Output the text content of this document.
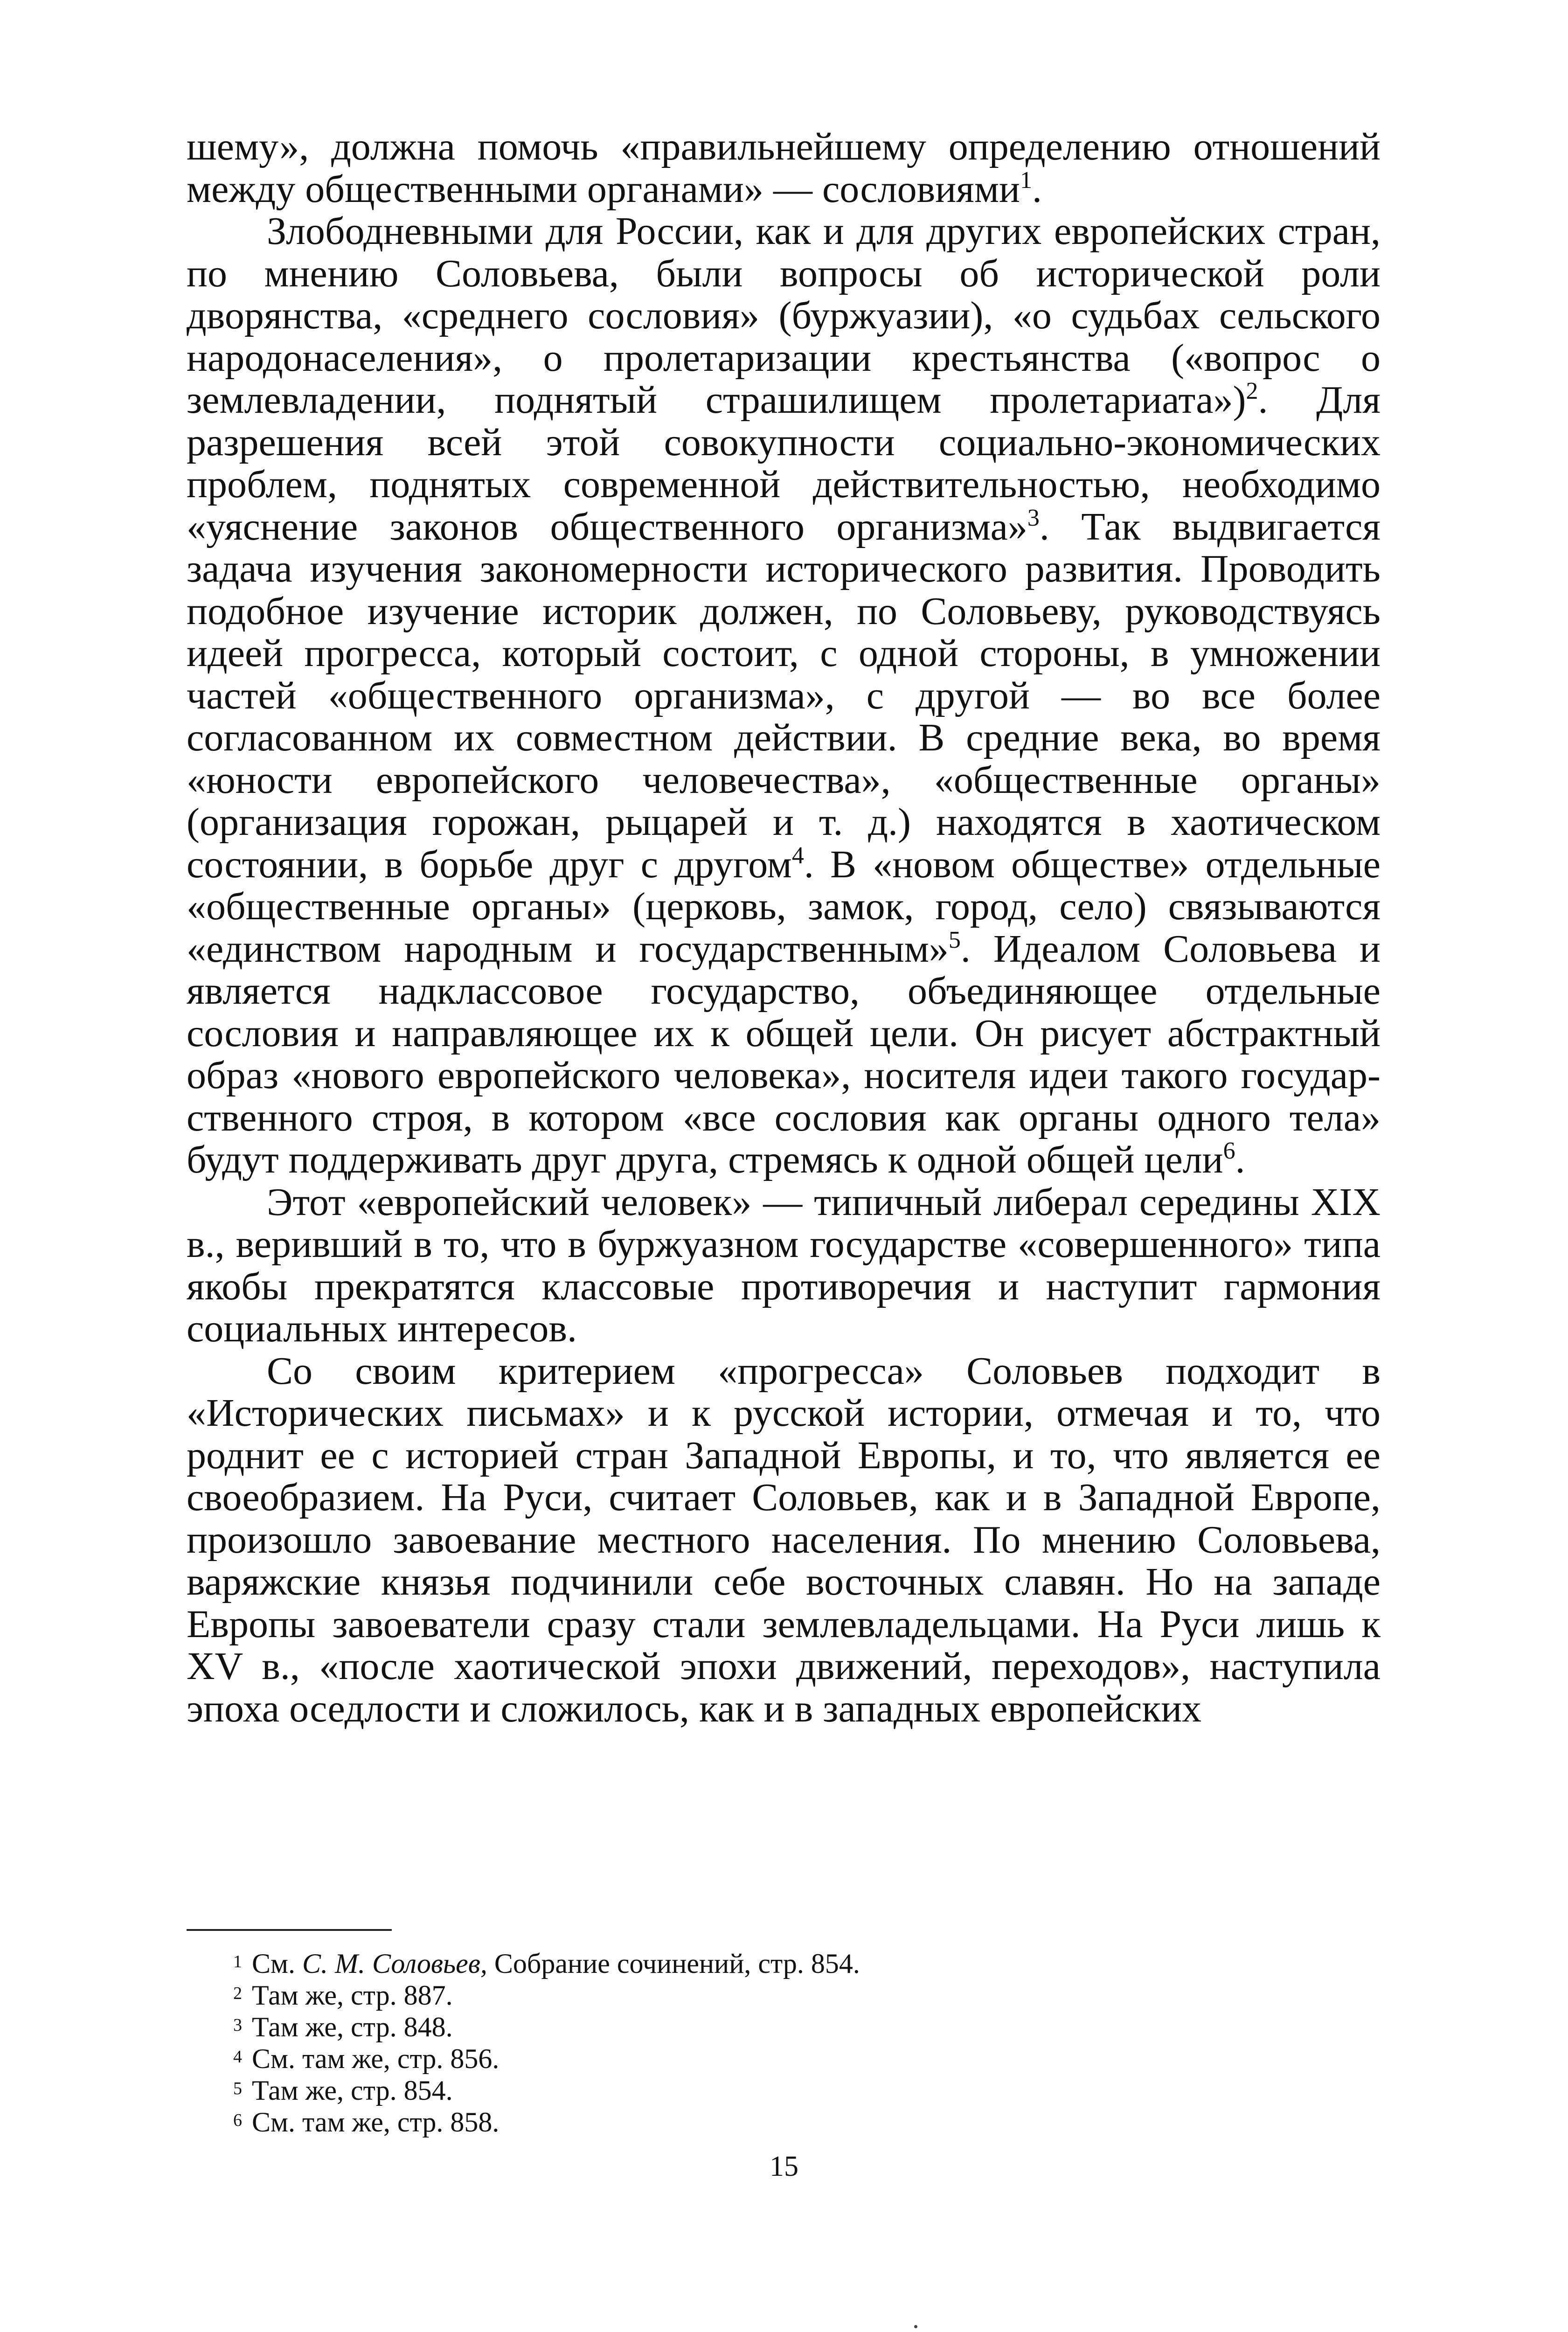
шему», должна помочь «правильнейшему определению отношений между общественными органами» — сословиями$^1$.

Злободневными для России, как и для других европейских стран, по мнению Соловьева, были вопросы об исторической роли дворянства, «среднего сословия» (буржуазии), «о судьбах сельского народонаселения», о пролетаризации крестьянства («вопрос о землевладении, поднятый страшилищем пролетариата»)$^2$. Для разрешения всей этой совокупности социально-экономических проблем, поднятых современной действительностью, необходимо «уяснение законов общественного организма»$^3$. Так выдвигается задача изучения закономерности исторического развития. Проводить подобное изучение историк должен, по Соловьеву, руководствуясь идеей прогресса, который состоит, с одной стороны, в умножении частей «общественного организма», с другой — во все более согласованном их совместном действии. В средние века, во время «юности европейского человечества», «общественные органы» (организация горожан, рыцарей и т. д.) находятся в хаотическом состоянии, в борьбе друг с другом$^4$. В «новом обществе» отдельные «общественные органы» (церковь, замок, город, село) связываются «единством народным и государственным»$^5$. Идеалом Соловьева и является надклассовое государство, объединяющее отдельные сословия и направляющее их к общей цели. Он рисует абстрактный образ «нового европейского человека», носителя идеи такого государственного строя, в котором «все сословия как органы одного тела» будут поддерживать друг друга, стремясь к одной общей цели$^6$.

Этот «европейский человек» — типичный либерал середины XIX в., веривший в то, что в буржуазном государстве «совершенного» типа якобы прекратятся классовые противоречия и наступит гармония социальных интересов.

Со своим критерием «прогресса» Соловьев подходит в «Исторических письмах» и к русской истории, отмечая и то, что роднит ее с историей стран Западной Европы, и то, что является ее своеобразием. На Руси, считает Соловьев, как и в Западной Европе, произошло завоевание местного населения. По мнению Соловьева, варяжские князья подчинили себе восточных славян. Но на западе Европы завоеватели сразу стали землевладельцами. На Руси лишь к XV в., «после хаотической эпохи движений, переходов», наступила эпоха оседлости и сложилось, как и в западных европейских

1 См. С. М. Соловьев, Собрание сочинений, стр. 854.
2 Там же, стр. 887.
3 Там же, стр. 848.
4 См. там же, стр. 856.
5 Там же, стр. 854.
6 См. там же, стр. 858.
15
